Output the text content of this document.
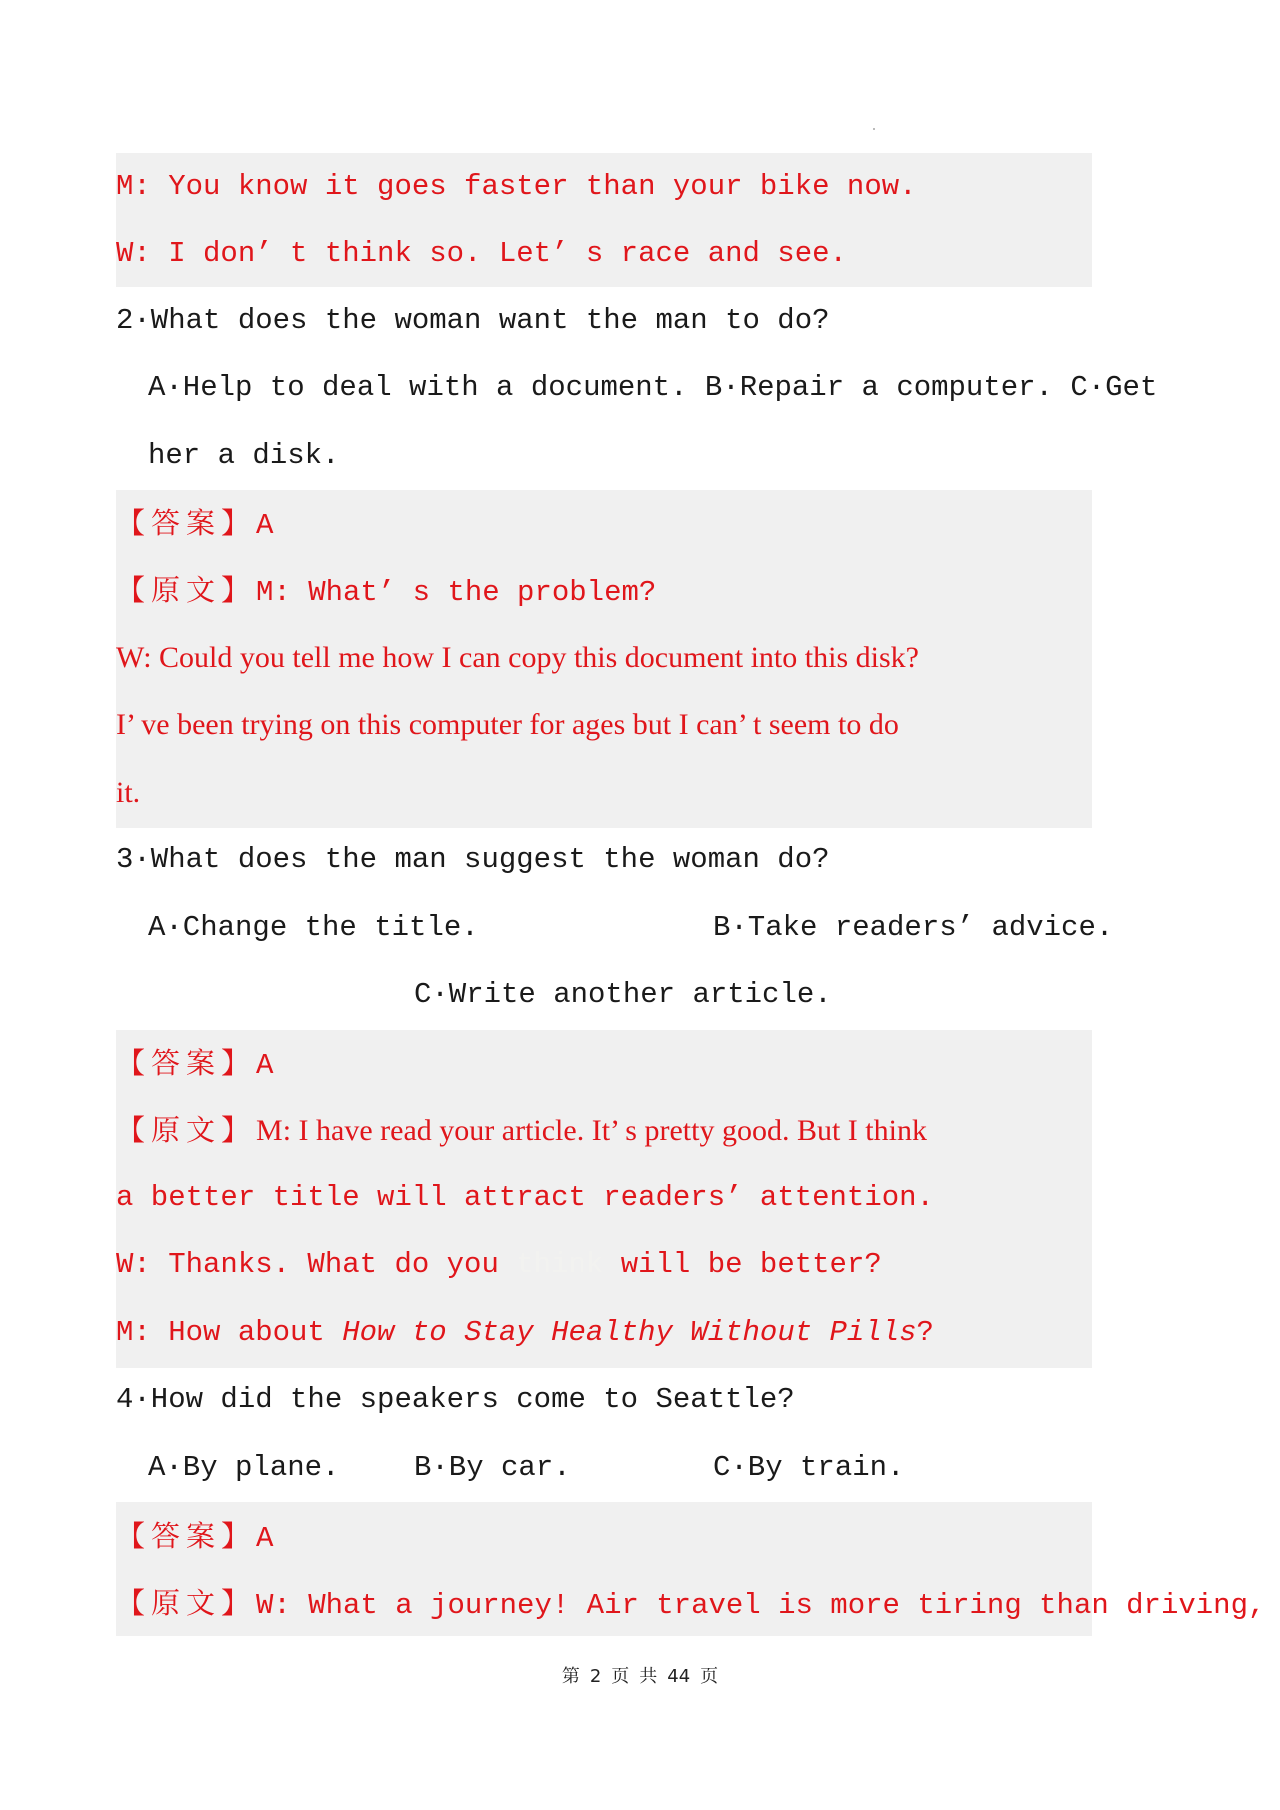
M: You know it goes faster than your bike now.
W: I don’ t think so. Let’ s race and see.
2·What does the woman want the man to do?
A·Help to deal with a document. B·Repair a computer. C·Get
her a disk.
【答案】A
【原文】M: What’ s the problem?
W: Could you tell me how I can copy this document into this disk?
I’ ve been trying on this computer for ages but I can’ t seem to do
it.
3·What does the man suggest the woman do?
A·Change the title.	B·Take readers’ advice.
C·Write another article.
【答案】A
【原文】M: I have read your article. It’ s pretty good. But I think
a better title will attract readers’ attention.
W: Thanks. What do you think will be better?
M: How about How to Stay Healthy Without Pills?
4·How did the speakers come to Seattle?
A·By plane.	B·By car.	C·By train.
【答案】A
【原文】W: What a journey! Air travel is more tiring than driving,
第 2 页 共 44 页
